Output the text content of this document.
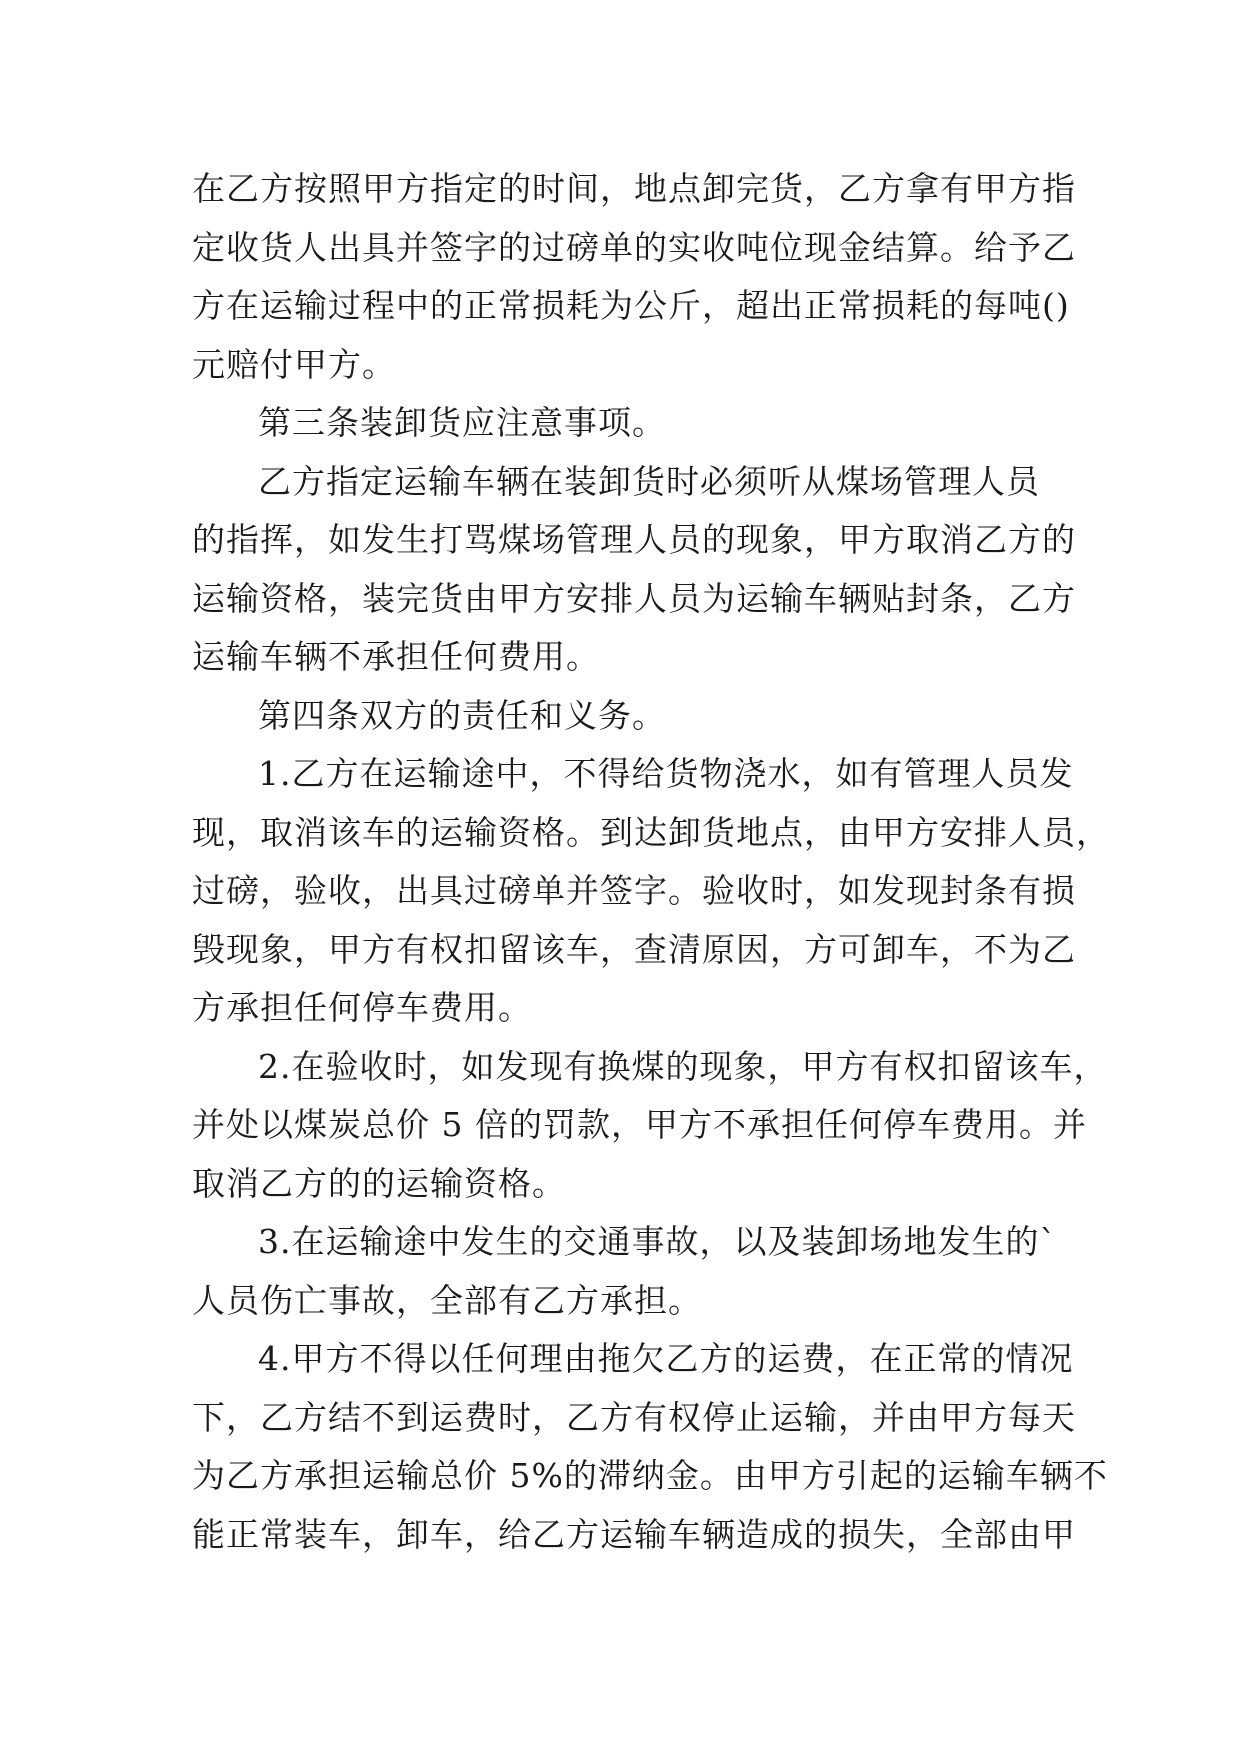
在乙方按照甲方指定的时间，地点卸完货，乙方拿有甲方指
定收货人出具并签字的过磅单的实收吨位现金结算。给予乙
方在运输过程中的正常损耗为公斤，超出正常损耗的每吨()
元赔付甲方。
第三条装卸货应注意事项。
乙方指定运输车辆在装卸货时必须听从煤场管理人员
的指挥，如发生打骂煤场管理人员的现象，甲方取消乙方的
运输资格，装完货由甲方安排人员为运输车辆贴封条，乙方
运输车辆不承担任何费用。
第四条双方的责任和义务。
1.乙方在运输途中，不得给货物浇水，如有管理人员发
现，取消该车的运输资格。到达卸货地点，由甲方安排人员，
过磅，验收，出具过磅单并签字。验收时，如发现封条有损
毁现象，甲方有权扣留该车，查清原因，方可卸车，不为乙
方承担任何停车费用。
2.在验收时，如发现有换煤的现象，甲方有权扣留该车，
并处以煤炭总价 5 倍的罚款，甲方不承担任何停车费用。并
取消乙方的的运输资格。
3.在运输途中发生的交通事故，以及装卸场地发生的`
人员伤亡事故，全部有乙方承担。
4.甲方不得以任何理由拖欠乙方的运费，在正常的情况
下，乙方结不到运费时，乙方有权停止运输，并由甲方每天
为乙方承担运输总价 5%的滞纳金。由甲方引起的运输车辆不
能正常装车，卸车，给乙方运输车辆造成的损失，全部由甲
